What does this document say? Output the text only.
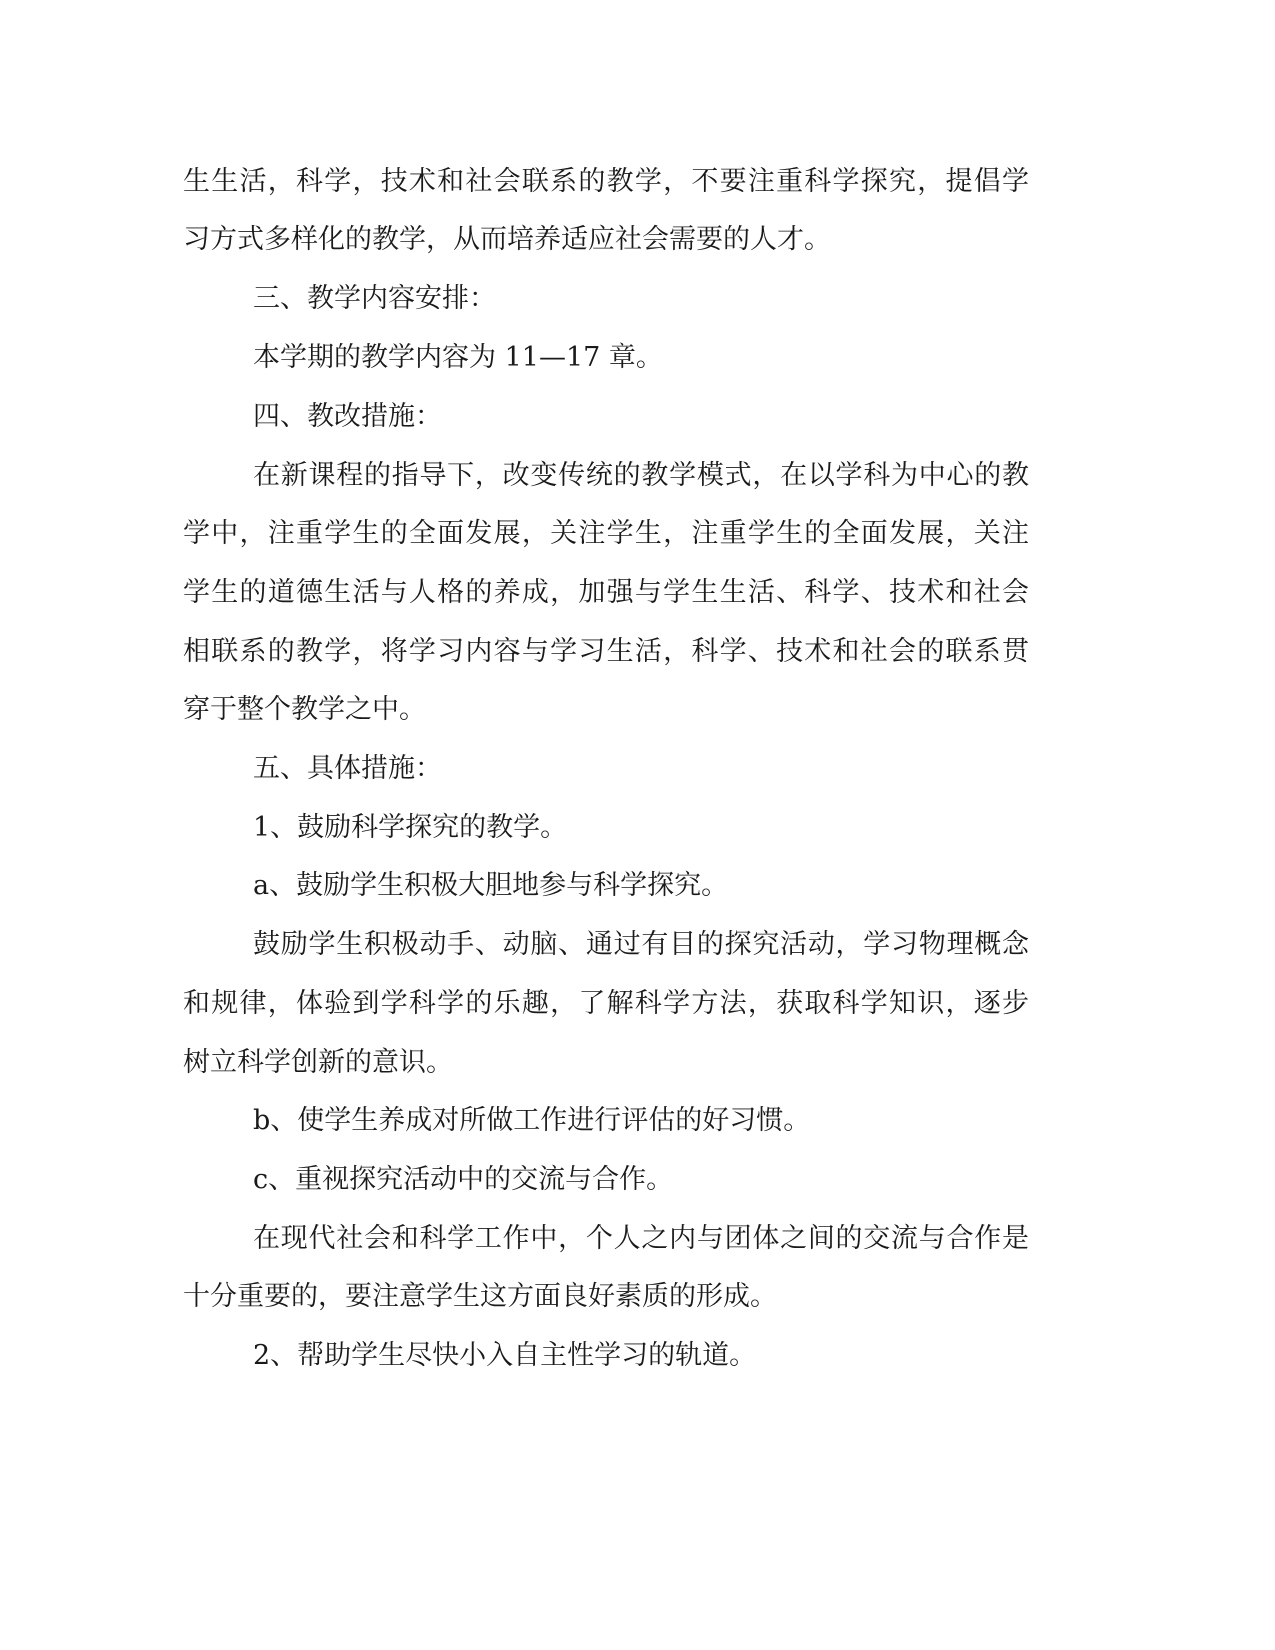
生生活，科学，技术和社会联系的教学，不要注重科学探究，提倡学
习方式多样化的教学，从而培养适应社会需要的人才。
三、教学内容安排：
本学期的教学内容为 11—17 章。
四、教改措施：
在新课程的指导下，改变传统的教学模式，在以学科为中心的教
学中，注重学生的全面发展，关注学生，注重学生的全面发展，关注
学生的道德生活与人格的养成，加强与学生生活、科学、技术和社会
相联系的教学，将学习内容与学习生活，科学、技术和社会的联系贯
穿于整个教学之中。
五、具体措施：
1、鼓励科学探究的教学。
a、鼓励学生积极大胆地参与科学探究。
鼓励学生积极动手、动脑、通过有目的探究活动，学习物理概念
和规律，体验到学科学的乐趣，了解科学方法，获取科学知识，逐步
树立科学创新的意识。
b、使学生养成对所做工作进行评估的好习惯。
c、重视探究活动中的交流与合作。
在现代社会和科学工作中，个人之内与团体之间的交流与合作是
十分重要的，要注意学生这方面良好素质的形成。
2、帮助学生尽快小入自主性学习的轨道。
